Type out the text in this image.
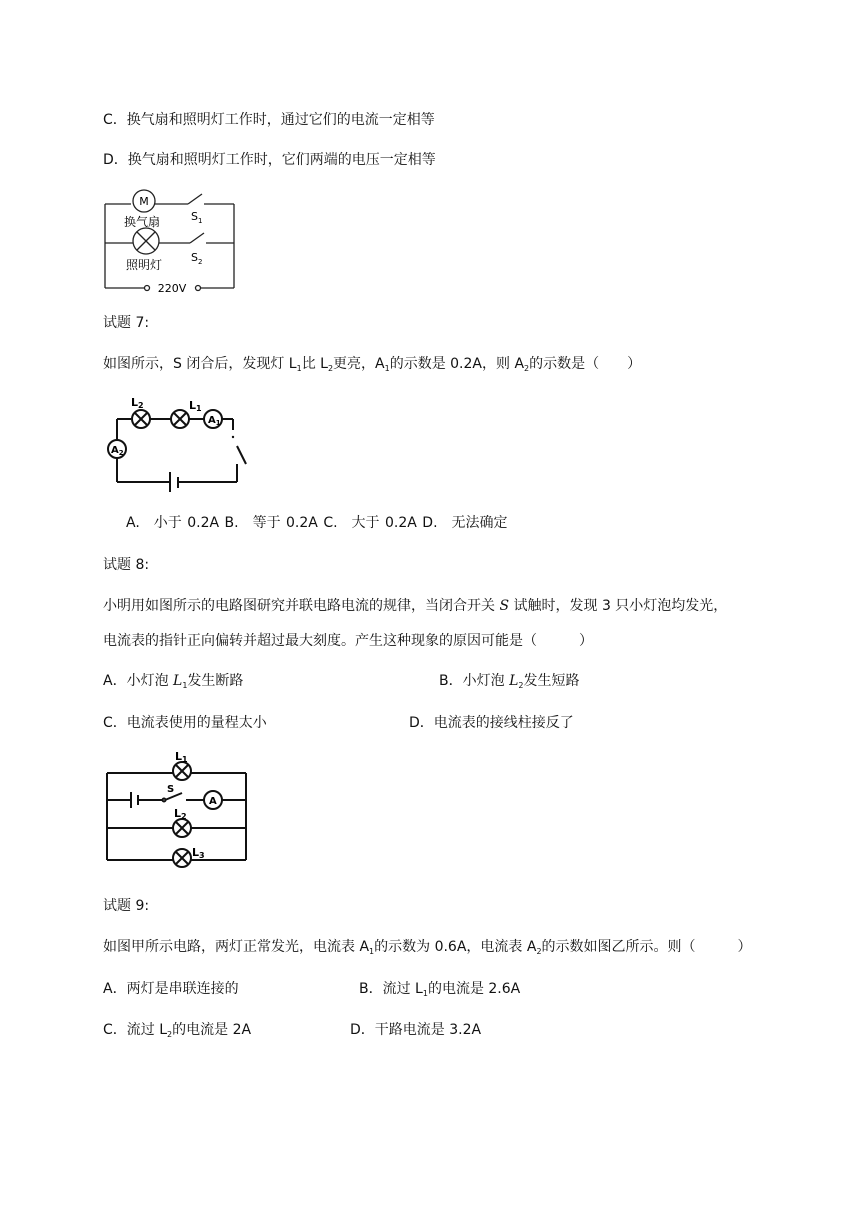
C．换气扇和照明灯工作时，通过它们的电流一定相等
D．换气扇和照明灯工作时，它们两端的电压一定相等
M
换气扇	$S_1$
照明灯
$S_2$
220V
试题 7:
如图所示，S 闭合后，发现灯 $L_1$比 $L_2$更亮，$A_1$的示数是 0.2A，则 $A_2$的示数是（　　）
L2	L1
$A_1$
$A_2$
A.　小于 0.2A B.　等于 0.2A C.　大于 0.2A D.　无法确定
试题 8:
小明用如图所示的电路图研究并联电路电流的规律，当闭合开关 S 试触时，发现 3 只小灯泡均发光，
电流表的指针正向偏转并超过最大刻度。产生这种现象的原因可能是（　　　）
A．小灯泡 $L_1$发生断路	B．小灯泡 $L_2$发生短路
C．电流表使用的量程太小	D．电流表的接线柱接反了
L1
S
A
L2
L3
试题 9:
如图甲所示电路，两灯正常发光，电流表 $A_1$的示数为 0.6A，电流表 $A_2$的示数如图乙所示。则（　　　）
A．两灯是串联连接的	B．流过 $L_1$的电流是 2.6A
C．流过 $L_2$的电流是 2A	D．干路电流是 3.2A
